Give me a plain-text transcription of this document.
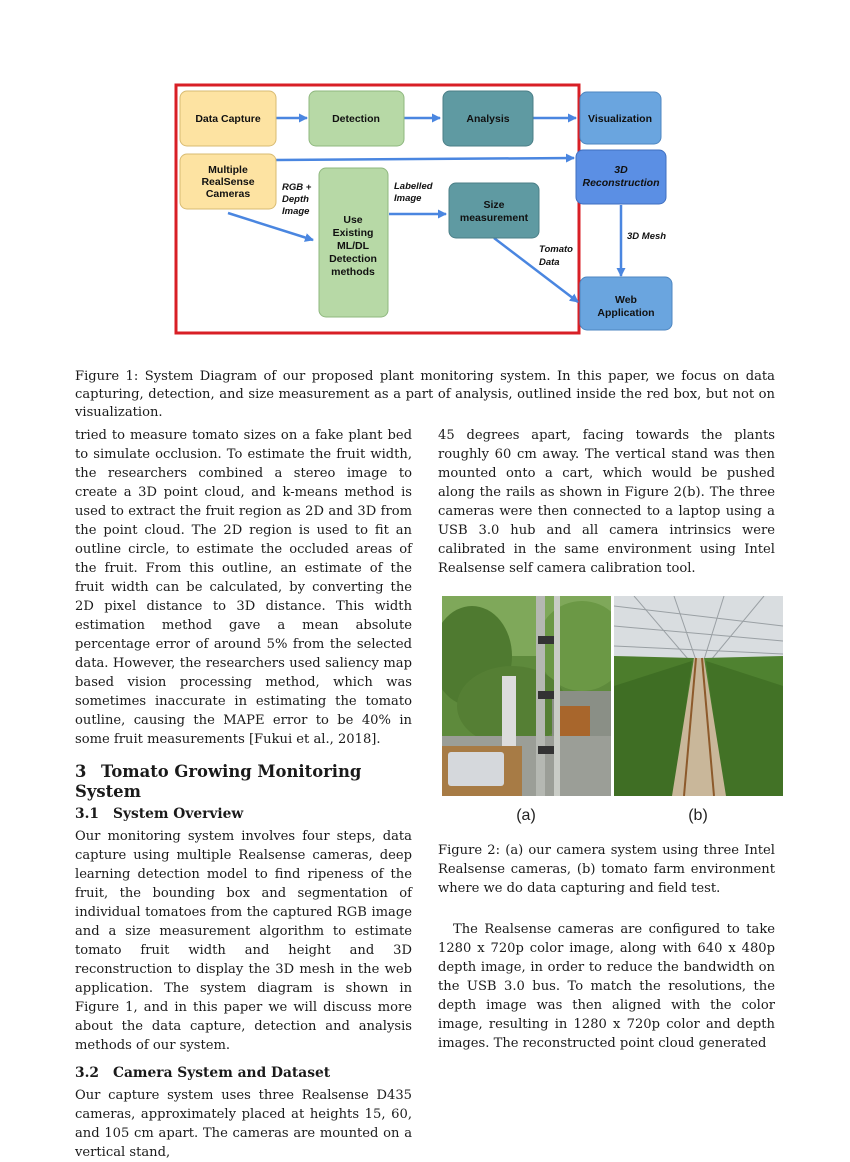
Data Capture	Detection	Analysis	Visualization
Multiple
RealSense
Cameras
3D
Reconstruction
Use
Existing
ML/DL
Detection
methods
Size
measurement
Web
Application
RGB +
Depth
Image
Labelled
Image
3D Mesh
Tomato
Data

Figure 1: System Diagram of our proposed plant monitoring system. In this paper, we focus on data capturing, detection, and size measurement as a part of analysis, outlined inside the red box, but not on visualization.

tried to measure tomato sizes on a fake plant bed to simulate occlusion. To estimate the fruit width, the researchers combined a stereo image to create a 3D point cloud, and k-means method is used to extract the fruit region as 2D and 3D from the point cloud. The 2D region is used to fit an outline circle, to estimate the occluded areas of the fruit. From this outline, an estimate of the fruit width can be calculated, by converting the 2D pixel distance to 3D distance. This width estimation method gave a mean absolute percentage error of around 5% from the selected data. However, the researchers used saliency map based vision processing method, which was sometimes inaccurate in estimating the tomato outline, causing the MAPE error to be 40% in some fruit measurements [Fukui et al., 2018].

3 Tomato Growing Monitoring System
3.1 System Overview

Our monitoring system involves four steps, data capture using multiple Realsense cameras, deep learning detection model to find ripeness of the fruit, the bounding box and segmentation of individual tomatoes from the captured RGB image and a size measurement algorithm to estimate tomato fruit width and height and 3D reconstruction to display the 3D mesh in the web application. The system diagram is shown in Figure 1, and in this paper we will discuss more about the data capture, detection and analysis methods of our system.

3.2 Camera System and Dataset

Our capture system uses three Realsense D435 cameras, approximately placed at heights 15, 60, and 105 cm apart. The cameras are mounted on a vertical stand,

45 degrees apart, facing towards the plants roughly 60 cm away. The vertical stand was then mounted onto a cart, which would be pushed along the rails as shown in Figure 2(b). The three cameras were then connected to a laptop using a USB 3.0 hub and all camera intrinsics were calibrated in the same environment using Intel Realsense self camera calibration tool.

(a)	(b)

Figure 2: (a) our camera system using three Intel Realsense cameras, (b) tomato farm environment where we do data capturing and field test.

The Realsense cameras are configured to take 1280 x 720p color image, along with 640 x 480p depth image, in order to reduce the bandwidth on the USB 3.0 bus. To match the resolutions, the depth image was then aligned with the color image, resulting in 1280 x 720p color and depth images. The reconstructed point cloud generated
